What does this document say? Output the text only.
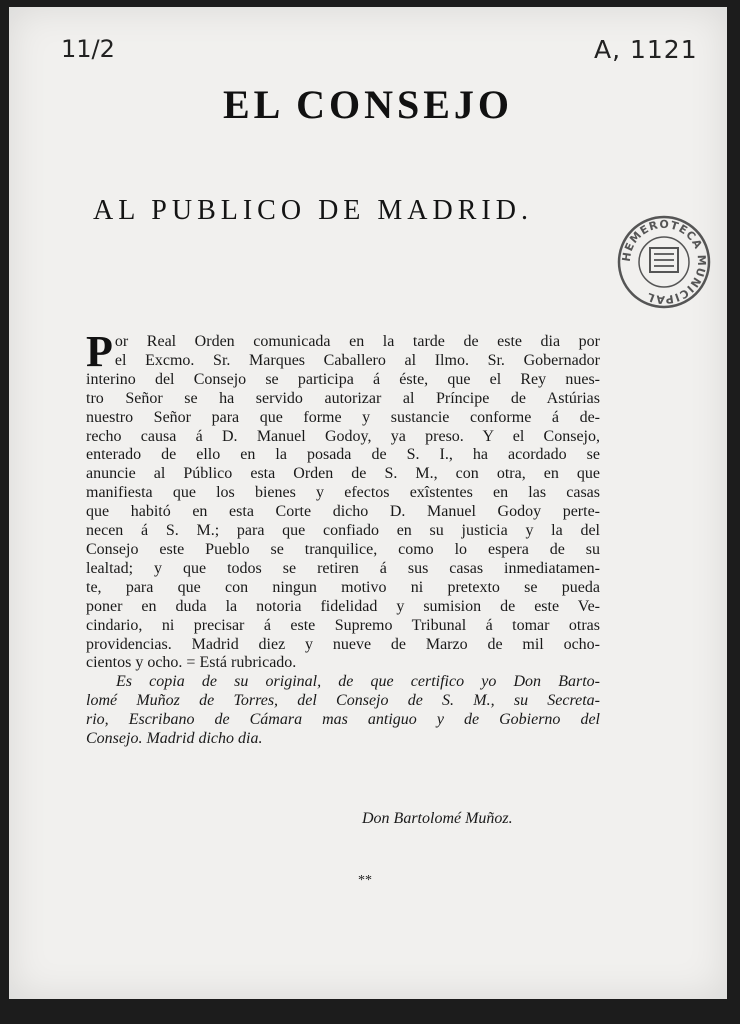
11/2	A, 1121
EL CONSEJO
AL PUBLICO DE MADRID.
HEMEROTECA MUNICIPAL
P or Real Orden comunicada en la tarde de este dia por
el Excmo. Sr. Marques Caballero al Ilmo. Sr. Gobernador
interino del Consejo se participa á éste, que el Rey nues-
tro Señor se ha servido autorizar al Príncipe de Astúrias
nuestro Señor para que forme y sustancie conforme á de-
recho causa á D. Manuel Godoy, ya preso. Y el Consejo,
enterado de ello en la posada de S. I., ha acordado se
anuncie al Público esta Orden de S. M., con otra, en que
manifiesta que los bienes y efectos exîstentes en las casas
que habitó en esta Corte dicho D. Manuel Godoy perte-
necen á S. M.; para que confiado en su justicia y la del
Consejo este Pueblo se tranquilice, como lo espera de su
lealtad; y que todos se retiren á sus casas inmediatamen-
te, para que con ningun motivo ni pretexto se pueda
poner en duda la notoria fidelidad y sumision de este Ve-
cindario, ni precisar á este Supremo Tribunal á tomar otras
providencias. Madrid diez y nueve de Marzo de mil ocho-
cientos y ocho. = Está rubricado.
Es copia de su original, de que certifico yo Don Barto-
lomé Muñoz de Torres, del Consejo de S. M., su Secreta-
rio, Escribano de Cámara mas antiguo y de Gobierno del
Consejo. Madrid dicho dia.
Don Bartolomé Muñoz.
**
